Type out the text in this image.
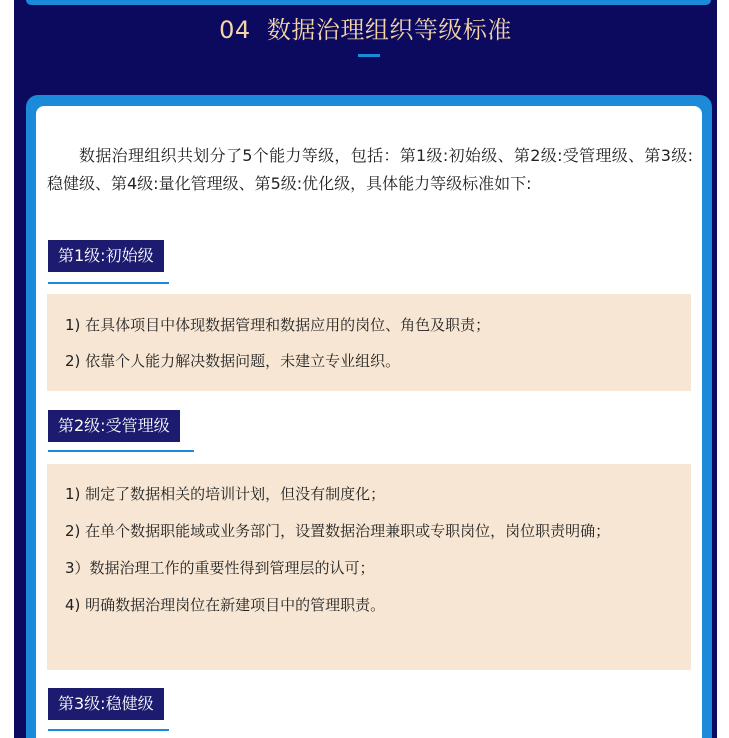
04  数据治理组织等级标准

数据治理组织共划分了5个能力等级，包括：第1级:初始级、第2级:受管理级、第3级:稳健级、第4级:量化管理级、第5级:优化级，具体能力等级标准如下:

第1级:初始级

1) 在具体项目中体现数据管理和数据应用的岗位、角色及职责；

2) 依靠个人能力解决数据问题，未建立专业组织。

第2级:受管理级

1) 制定了数据相关的培训计划，但没有制度化；

2) 在单个数据职能域或业务部门，设置数据治理兼职或专职岗位，岗位职责明确；

3）数据治理工作的重要性得到管理层的认可；

4) 明确数据治理岗位在新建项目中的管理职责。

第3级:稳健级
